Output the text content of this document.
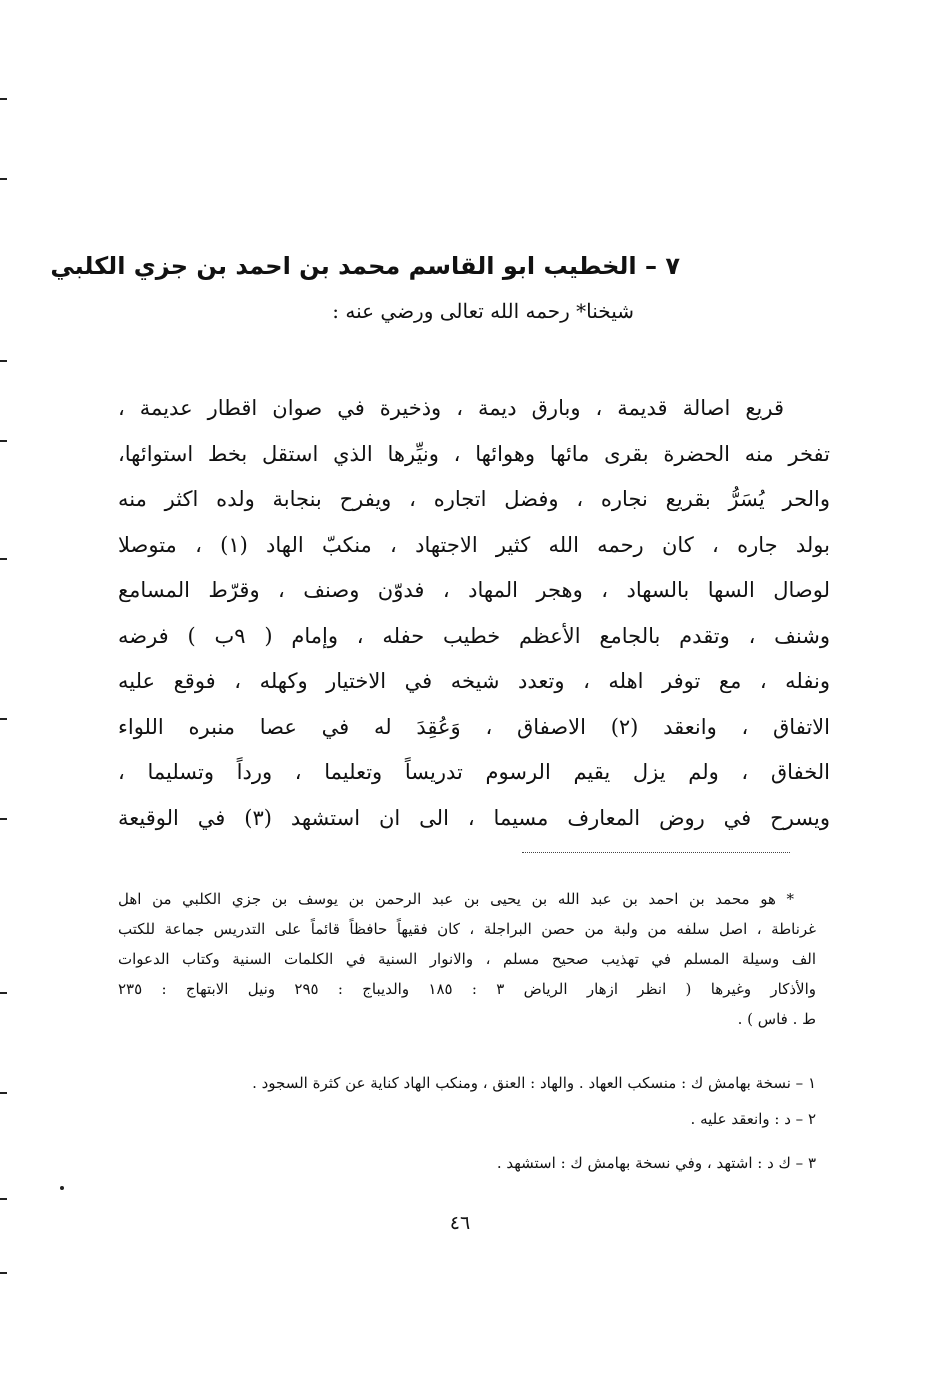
٧ – الخطيب ابو القاسم محمد بن احمد بن جزي الكلبي
شيخنا* رحمه الله تعالى ورضي عنه :
قريع اصالة قديمة ، وبارق ديمة ، وذخيرة في صوان اقطار عديمة ،
تفخر منه الحضرة بقرى مائها وهوائها ، ونيِّرها الذي استقل بخط استوائها،
والحر يُسَرُّ بقريع نجاره ، وفضل اتجاره ، ويفرح بنجابة ولده اكثر منه
بولد جاره ، كان رحمه الله كثير الاجتهاد ، منكبّ الهاد (١) ، متوصلا
لوصال السها بالسهاد ، وهجر المهاد ، فدوّن وصنف ، وقرّط المسامع
وشنف ، وتقدم بالجامع الأعظم خطيب حفله ، وإمام ( ٩ب ) فرضه
ونفله ، مع توفر اهله ، وتعدد شيخه في الاختيار وكهله ، فوقع عليه
الاتفاق ، وانعقد (٢) الاصفاق ، وَعُقِدَ له في عصا منبره اللواء
الخفاق ، ولم يزل يقيم الرسوم تدريساً وتعليما ، ورداً وتسليما ،
ويسرح في روض المعارف مسيما ، الى ان استشهد (٣) في الوقيعة
* هو محمد بن احمد بن عبد الله بن يحيى بن عبد الرحمن بن يوسف بن جزي الكلبي من اهل
غرناطة ، اصل سلفه من ولبة من حصن البراجلة ، كان فقيهاً حافظاً قائماً على التدريس جماعة للكتب
الف وسيلة المسلم في تهذيب صحيح مسلم ، والانوار السنية في الكلمات السنية وكتاب الدعوات
والأذكار وغيرها ( انظر ازهار الرياض ٣ : ١٨٥ والديباج : ٢٩٥ ونيل الابتهاج : ٢٣٥
ط . فاس ) .
١ – نسخة بهامش ك : منسكب العهاد . والهاد : العنق ، ومنكب الهاد كناية عن كثرة السجود .
٢ – د : وانعقد عليه .
٣ – ك د : اشتهد ، وفي نسخة بهامش ك : استشهد .
٤٦
